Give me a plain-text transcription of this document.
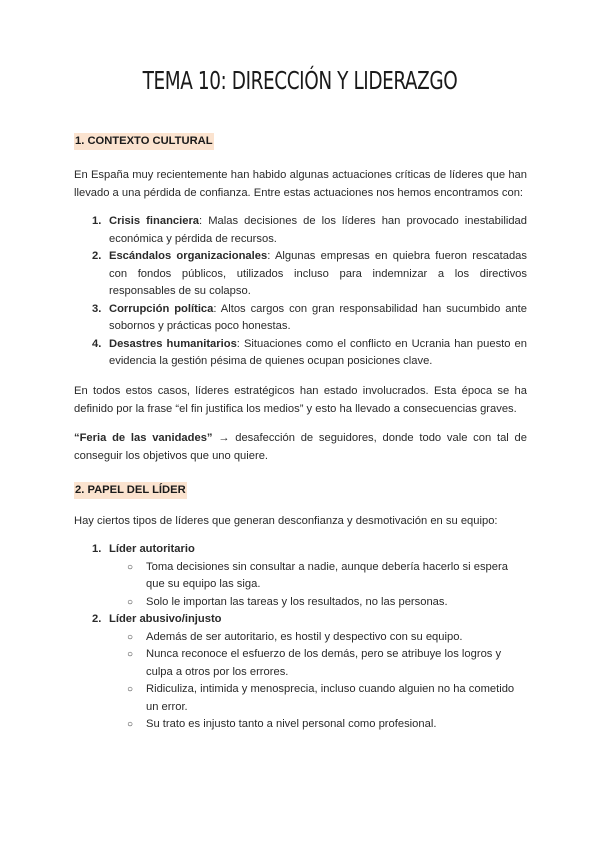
TEMA 10: DIRECCIÓN Y LIDERAZGO
1. CONTEXTO CULTURAL

En España muy recientemente han habido algunas actuaciones críticas de líderes que han llevado a una pérdida de confianza. Entre estas actuaciones nos hemos encontramos con:

1. Crisis financiera: Malas decisiones de los líderes han provocado inestabilidad económica y pérdida de recursos.
2. Escándalos organizacionales: Algunas empresas en quiebra fueron rescatadas con fondos públicos, utilizados incluso para indemnizar a los directivos responsables de su colapso.
3. Corrupción política: Altos cargos con gran responsabilidad han sucumbido ante sobornos y prácticas poco honestas.
4. Desastres humanitarios: Situaciones como el conflicto en Ucrania han puesto en evidencia la gestión pésima de quienes ocupan posiciones clave.

En todos estos casos, líderes estratégicos han estado involucrados. Esta época se ha definido por la frase “el fin justifica los medios” y esto ha llevado a consecuencias graves.

“Feria de las vanidades” → desafección de seguidores, donde todo vale con tal de conseguir los objetivos que uno quiere.

2. PAPEL DEL LÍDER

Hay ciertos tipos de líderes que generan desconfianza y desmotivación en su equipo:

1. Líder autoritario
○ Toma decisiones sin consultar a nadie, aunque debería hacerlo si espera que su equipo las siga.
○ Solo le importan las tareas y los resultados, no las personas.
2. Líder abusivo/injusto
○ Además de ser autoritario, es hostil y despectivo con su equipo.
○ Nunca reconoce el esfuerzo de los demás, pero se atribuye los logros y culpa a otros por los errores.
○ Ridiculiza, intimida y menosprecia, incluso cuando alguien no ha cometido un error.
○ Su trato es injusto tanto a nivel personal como profesional.
